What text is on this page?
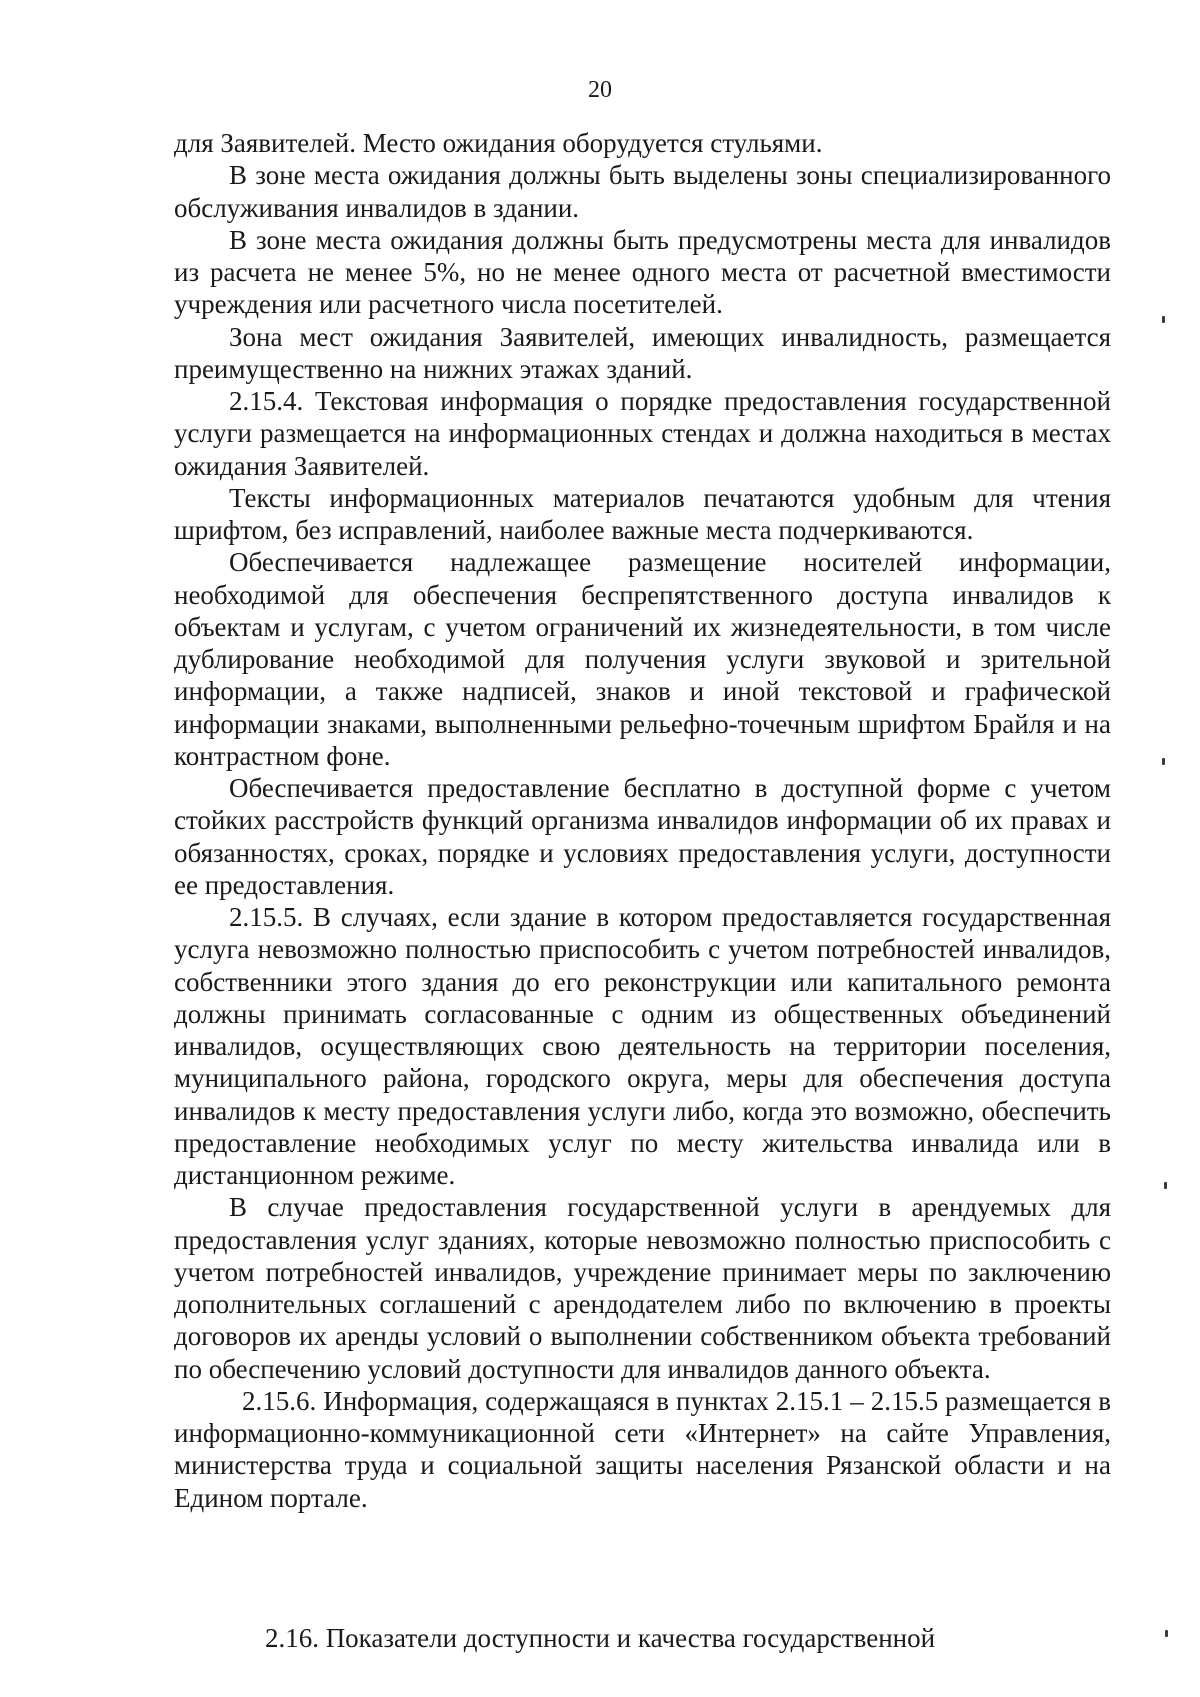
20

для Заявителей. Место ожидания оборудуется стульями.

В зоне места ожидания должны быть выделены зоны специализированного обслуживания инвалидов в здании.

В зоне места ожидания должны быть предусмотрены места для инвалидов из расчета не менее 5%, но не менее одного места от расчетной вместимости учреждения или расчетного числа посетителей.

Зона мест ожидания Заявителей, имеющих инвалидность, размещается преимущественно на нижних этажах зданий.

2.15.4. Текстовая информация о порядке предоставления государственной услуги размещается на информационных стендах и должна находиться в местах ожидания Заявителей.

Тексты информационных материалов печатаются удобным для чтения шрифтом, без исправлений, наиболее важные места подчеркиваются.

Обеспечивается надлежащее размещение носителей информации, необходимой для обеспечения беспрепятственного доступа инвалидов к объектам и услугам, с учетом ограничений их жизнедеятельности, в том числе дублирование необходимой для получения услуги звуковой и зрительной информации, а также надписей, знаков и иной текстовой и графической информации знаками, выполненными рельефно-точечным шрифтом Брайля и на контрастном фоне.

Обеспечивается предоставление бесплатно в доступной форме с учетом стойких расстройств функций организма инвалидов информации об их правах и обязанностях, сроках, порядке и условиях предоставления услуги, доступности ее предоставления.

2.15.5. В случаях, если здание в котором предоставляется государственная услуга невозможно полностью приспособить с учетом потребностей инвалидов, собственники этого здания до его реконструкции или капитального ремонта должны принимать согласованные с одним из общественных объединений инвалидов, осуществляющих свою деятельность на территории поселения, муниципального района, городского округа, меры для обеспечения доступа инвалидов к месту предоставления услуги либо, когда это возможно, обеспечить предоставление необходимых услуг по месту жительства инвалида или в дистанционном режиме.

В случае предоставления государственной услуги в арендуемых для предоставления услуг зданиях, которые невозможно полностью приспособить с учетом потребностей инвалидов, учреждение принимает меры по заключению дополнительных соглашений с арендодателем либо по включению в проекты договоров их аренды условий о выполнении собственником объекта требований по обеспечению условий доступности для инвалидов данного объекта.

2.15.6. Информация, содержащаяся в пунктах 2.15.1 – 2.15.5 размещается в информационно-коммуникационной сети «Интернет» на сайте Управления, министерства труда и социальной защиты населения Рязанской области и на Едином портале.

2.16. Показатели доступности и качества государственной
